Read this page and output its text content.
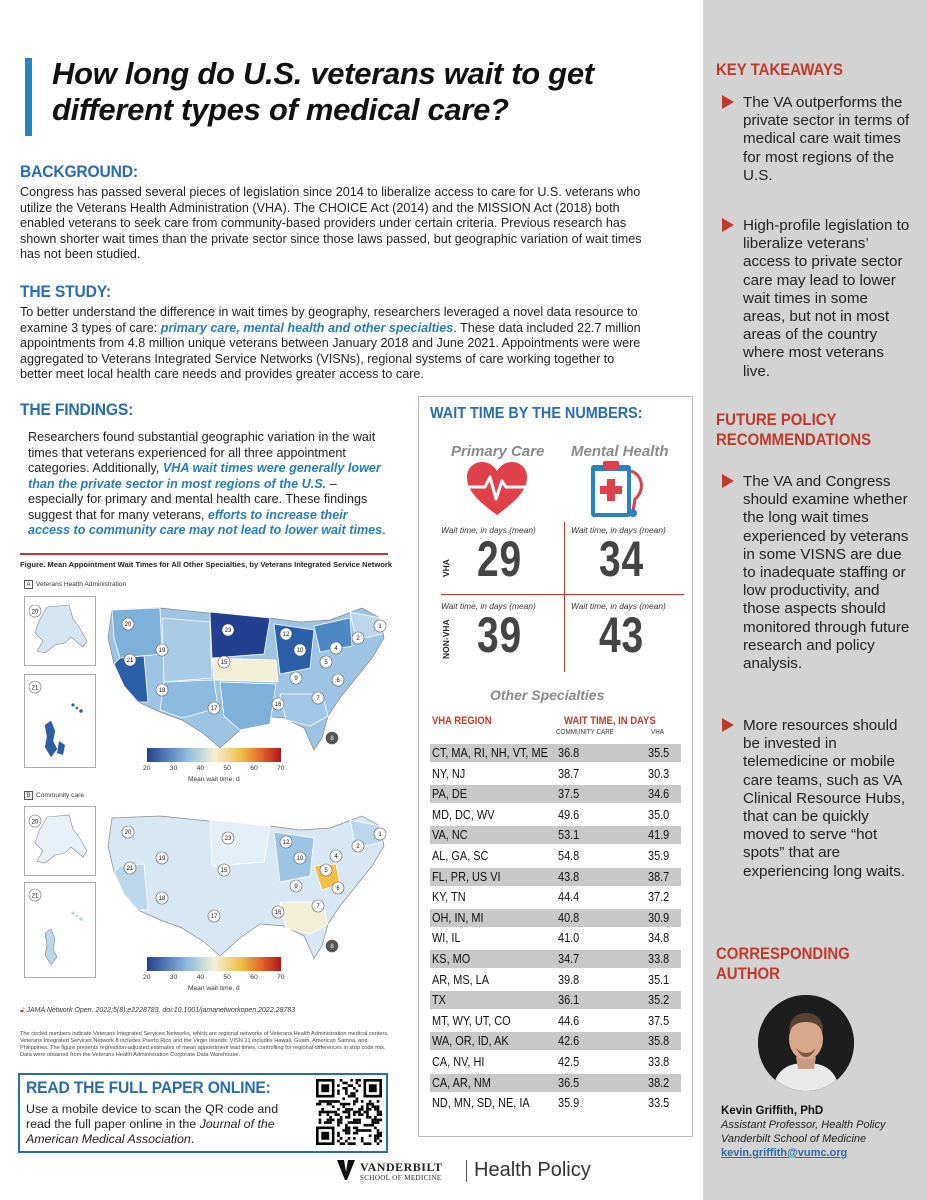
How long do U.S. veterans wait to get different types of medical care?
BACKGROUND:
Congress has passed several pieces of legislation since 2014 to liberalize access to care for U.S. veterans who utilize the Veterans Health Administration (VHA). The CHOICE Act (2014) and the MISSION Act (2018) both enabled veterans to seek care from community-based providers under certain criteria. Previous research has shown shorter wait times than the private sector since those laws passed, but geographic variation of wait times has not been studied.
THE STUDY:
To better understand the difference in wait times by geography, researchers leveraged a novel data resource to examine 3 types of care: primary care, mental health and other specialties. These data included 22.7 million appointments from 4.8 million unique veterans between January 2018 and June 2021. Appointments were were aggregated to Veterans Integrated Service Networks (VISNs), regional systems of care working together to better meet local health care needs and provides greater access to care.
THE FINDINGS:
Researchers found substantial geographic variation in the wait times that veterans experienced for all three appointment categories. Additionally, VHA wait times were generally lower than the private sector in most regions of the U.S. – especially for primary and mental health care. These findings suggest that for many veterans, efforts to increase their access to community care may not lead to lower wait times.
Figure. Mean Appointment Wait Times for All Other Specialties, by Veterans Integrated Service Network
A Veterans Health Administration
20
21
19
18
17
16
15
23
12
10
9
7
8
6
5
4
2
1
20
21
20	30	40	50	60	70
Mean wait time, d
B Community care
20
21
19
18
17
16
15
23
12
10
9
7
8
6
5
4
2
1
20
21
20	30	40	50	60	70
Mean wait time, d
🔓︎ JAMA Network Open. 2022;5(8):e2228783. doi:10.1001/jamanetworkopen.2022.28783
The circled numbers indicate Veterans Integrated Services Networks, which are regional networks of Veterans Health Administration medical centers. Veterans Integrated Services Network 8 includes Puerto Rico and the Virgin Islands. VISN 21 includes Hawaii, Guam, American Samoa, and Philippines. The figure presents regression-adjusted estimates of mean appointment wait times, controlling for regional differences in stop code mix. Data were obtained from the Veterans Health Administration Corporate Data Warehouse.
READ THE FULL PAPER ONLINE:
Use a mobile device to scan the QR code and read the full paper online in the Journal of the American Medical Association.
VANDERBILT
SCHOOL OF MEDICINE Health Policy
WAIT TIME BY THE NUMBERS:
Primary Care Mental Health
Wait time, in days (mean)	Wait time, in days (mean)
VHA 29 34
Wait time, in days (mean)	Wait time, in days (mean)
NON-VHA 39 43
Other Specialties
VHA REGION	WAIT TIME, IN DAYS
COMMUNITY CARE	VHA
CT, MA, RI, NH, VT, ME 36.8	35.5
NY, NJ	38.7	30.3
PA, DE	37.5	34.6
MD, DC, WV	49.6	35.0
VA, NC	53.1	41.9
AL, GA, SC	54.8	35.9
FL, PR, US VI	43.8	38.7
KY, TN	44.4	37.2
OH, IN, MI	40.8	30.9
WI, IL	41.0	34.8
KS, MO	34.7	33.8
AR, MS, LA	39.8	35.1
TX	36.1	35.2
MT, WY, UT, CO	44.6	37.5
WA, OR, ID, AK	42.6	35.8
CA, NV, HI	42.5	33.8
CA, AR, NM	36.5	38.2
ND, MN, SD, NE, IA 35.9	33.5
KEY TAKEAWAYS
The VA outperforms the private sector in terms of medical care wait times for most regions of the U.S.
High-profile legislation to liberalize veterans’ access to private sector care may lead to lower wait times in some areas, but not in most areas of the country where most veterans live.
FUTURE POLICY
RECOMMENDATIONS
The VA and Congress should examine whether the long wait times experienced by veterans in some VISNS are due to inadequate staffing or low productivity, and those aspects should monitored through future research and policy analysis.
More resources should be invested in telemedicine or mobile care teams, such as VA Clinical Resource Hubs, that can be quickly moved to serve “hot spots” that are experiencing long waits.
CORRESPONDING
AUTHOR
Kevin Griffith, PhD
Assistant Professor, Health Policy
Vanderbilt School of Medicine
kevin.griffith@vumc.org
